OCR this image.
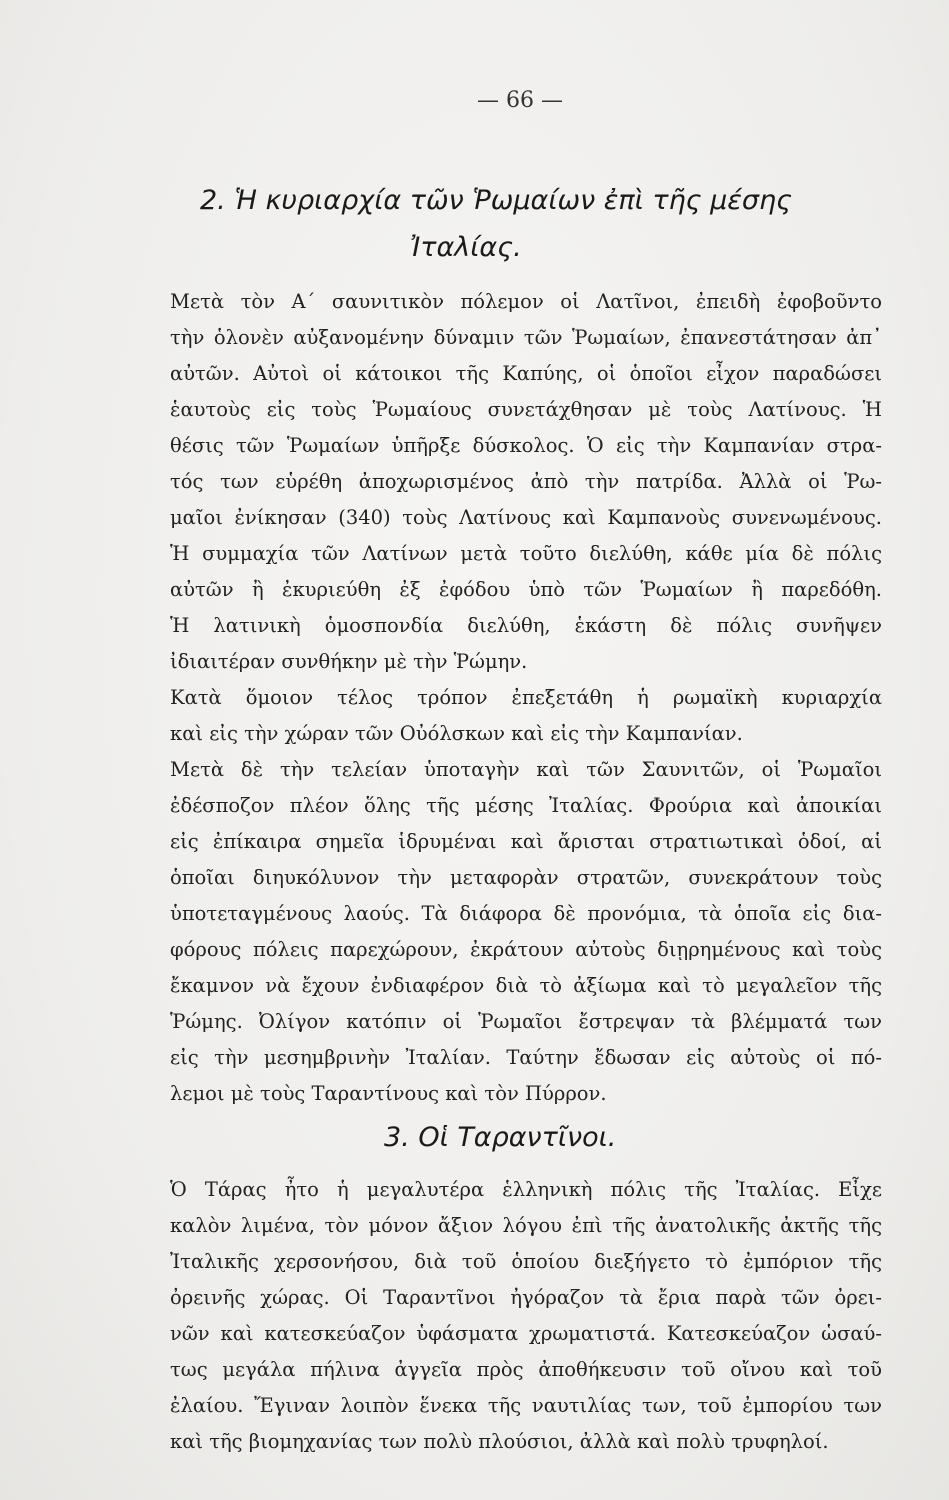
— 66 —
2. Ἡ κυριαρχία τῶν Ῥωμαίων ἐπὶ τῆς μέσης
Ἰταλίας.
Μετὰ τὸν Α΄ σαυνιτικὸν πόλεμον οἱ Λατῖνοι, ἐπειδὴ ἐφοβοῦντο
τὴν ὁλονὲν αὐξανομένην δύναμιν τῶν Ῥωμαίων, ἐπανεστάτησαν ἀπ᾿
αὐτῶν. Αὐτοὶ οἱ κάτοικοι τῆς Καπύης, οἱ ὁποῖοι εἶχον παραδώσει
ἑαυτοὺς εἰς τοὺς Ῥωμαίους συνετάχθησαν μὲ τοὺς Λατίνους. Ἡ
θέσις τῶν Ῥωμαίων ὑπῆρξε δύσκολος. Ὁ εἰς τὴν Καμπανίαν στρα-
τός των εὑρέθη ἀποχωρισμένος ἀπὸ τὴν πατρίδα. Ἀλλὰ οἱ Ῥω-
μαῖοι ἐνίκησαν (340) τοὺς Λατίνους καὶ Καμπανοὺς συνενωμένους.
Ἡ συμμαχία τῶν Λατίνων μετὰ τοῦτο διελύθη, κάθε μία δὲ πόλις
αὐτῶν ἢ ἐκυριεύθη ἐξ ἐφόδου ὑπὸ τῶν Ῥωμαίων ἢ παρεδόθη.
Ἡ λατινικὴ ὁμοσπονδία διελύθη, ἑκάστη δὲ πόλις συνῆψεν
ἰδιαιτέραν συνθήκην μὲ τὴν Ῥώμην.
Κατὰ ὅμοιον τέλος τρόπον ἐπεξετάθη ἡ ρωμαϊκὴ κυριαρχία
καὶ εἰς τὴν χώραν τῶν Οὐόλσκων καὶ εἰς τὴν Καμπανίαν.
Μετὰ δὲ τὴν τελείαν ὑποταγὴν καὶ τῶν Σαυνιτῶν, οἱ Ῥωμαῖοι
ἐδέσποζον πλέον ὅλης τῆς μέσης Ἰταλίας. Φρούρια καὶ ἀποικίαι
εἰς ἐπίκαιρα σημεῖα ἱδρυμέναι καὶ ἄρισται στρατιωτικαὶ ὁδοί, αἱ
ὁποῖαι διηυκόλυνον τὴν μεταφορὰν στρατῶν, συνεκράτουν τοὺς
ὑποτεταγμένους λαούς. Τὰ διάφορα δὲ προνόμια, τὰ ὁποῖα εἰς δια-
φόρους πόλεις παρεχώρουν, ἐκράτουν αὐτοὺς διῃρημένους καὶ τοὺς
ἔκαμνον νὰ ἔχουν ἐνδιαφέρον διὰ τὸ ἀξίωμα καὶ τὸ μεγαλεῖον τῆς
Ῥώμης. Ὀλίγον κατόπιν οἱ Ῥωμαῖοι ἔστρεψαν τὰ βλέμματά των
εἰς τὴν μεσημβρινὴν Ἰταλίαν. Ταύτην ἔδωσαν εἰς αὐτοὺς οἱ πό-
λεμοι μὲ τοὺς Ταραντίνους καὶ τὸν Πύρρον.
3. Οἱ Ταραντῖνοι.
Ὁ Τάρας ἦτο ἡ μεγαλυτέρα ἑλληνικὴ πόλις τῆς Ἰταλίας. Εἶχε
καλὸν λιμένα, τὸν μόνον ἄξιον λόγου ἐπὶ τῆς ἀνατολικῆς ἀκτῆς τῆς
Ἰταλικῆς χερσονήσου, διὰ τοῦ ὁποίου διεξήγετο τὸ ἐμπόριον τῆς
ὀρεινῆς χώρας. Οἱ Ταραντῖνοι ἠγόραζον τὰ ἔρια παρὰ τῶν ὀρει-
νῶν καὶ κατεσκεύαζον ὑφάσματα χρωματιστά. Κατεσκεύαζον ὡσαύ-
τως μεγάλα πήλινα ἀγγεῖα πρὸς ἀποθήκευσιν τοῦ οἴνου καὶ τοῦ
ἐλαίου. Ἔγιναν λοιπὸν ἕνεκα τῆς ναυτιλίας των, τοῦ ἐμπορίου των
καὶ τῆς βιομηχανίας των πολὺ πλούσιοι, ἀλλὰ καὶ πολὺ τρυφηλοί.
